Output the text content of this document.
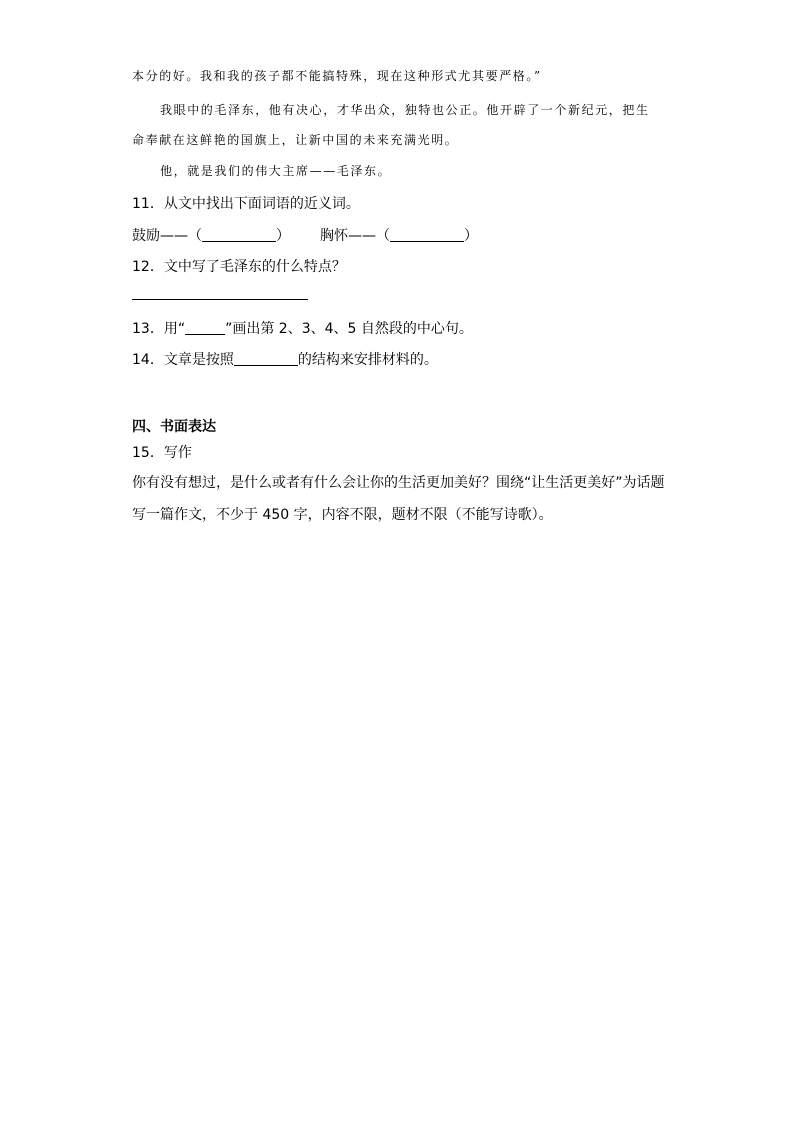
本分的好。我和我的孩子都不能搞特殊，现在这种形式尤其要严格。”
我眼中的毛泽东，他有决心，才华出众，独特也公正。他开辟了一个新纪元，把生
命奉献在这鲜艳的国旗上，让新中国的未来充满光明。
他，就是我们的伟大主席——毛泽东。
11．从文中找出下面词语的近义词。
鼓励——（	） 胸怀——（	）
12．文中写了毛泽东的什么特点？
13．用“	”画出第 2、3、4、5 自然段的中心句。
14．文章是按照	的结构来安排材料的。
四、书面表达
15．写作
你有没有想过，是什么或者有什么会让你的生活更加美好？围绕“让生活更美好”为话题
写一篇作文，不少于 450 字，内容不限，题材不限（不能写诗歌）。
